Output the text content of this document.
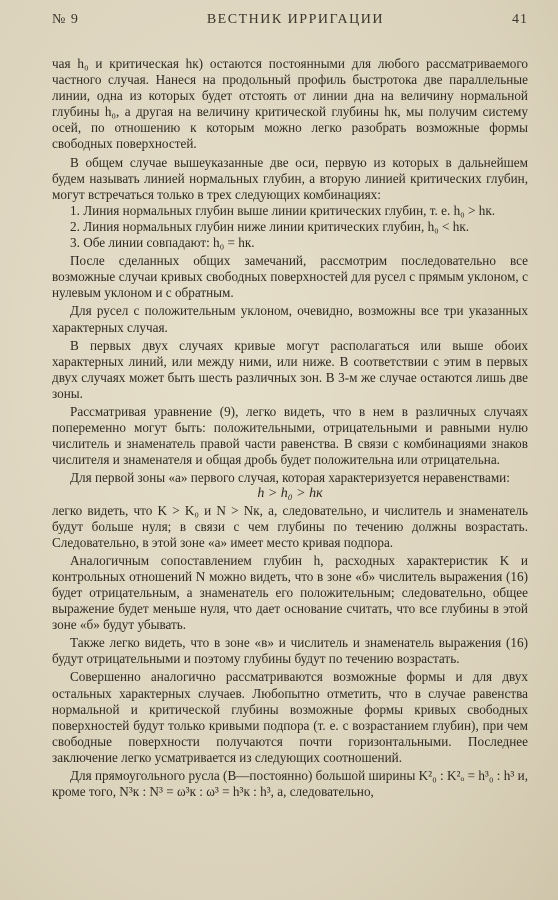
№ 9	ВЕСТНИК ИРРИГАЦИИ	41

чая h₀ и критическая hк) остаются постоянными для любого рассматриваемого частного случая. Нанеся на продольный профиль быстротока две параллельные линии, одна из которых будет отстоять от линии дна на величину нормальной глубины h₀, а другая на величину критической глубины hк, мы получим систему осей, по отношению к которым можно легко разобрать возможные формы свободных поверхностей.

В общем случае вышеуказанные две оси, первую из которых в дальнейшем будем называть линией нормальных глубин, а вторую линией критических глубин, могут встречаться только в трех следующих комбинациях:

1. Линия нормальных глубин выше линии критических глубин, т. е. h₀ > hк.

2. Линия нормальных глубин ниже линии критических глубин, h₀ < hк.

3. Обе линии совпадают: h₀ = hк.

После сделанных общих замечаний, рассмотрим последовательно все возможные случаи кривых свободных поверхностей для русел с прямым уклоном, с нулевым уклоном и с обратным.

Для русел с положительным уклоном, очевидно, возможны все три указанных характерных случая.

В первых двух случаях кривые могут располагаться или выше обоих характерных линий, или между ними, или ниже. В соответствии с этим в первых двух случаях может быть шесть различных зон. В 3-м же случае остаются лишь две зоны.

Рассматривая уравнение (9), легко видеть, что в нем в различных случаях попеременно могут быть: положительными, отрицательными и равными нулю числитель и знаменатель правой части равенства. В связи с комбинациями знаков числителя и знаменателя и общая дробь будет положительна или отрицательна.

Для первой зоны «а» первого случая, которая характеризуется неравенствами:

h > h₀ > hк

легко видеть, что K > K₀ и N > Nк, а, следовательно, и числитель и знаменатель будут больше нуля; в связи с чем глубины по течению должны возрастать. Следовательно, в этой зоне «а» имеет место кривая подпора.

Аналогичным сопоставлением глубин h, расходных характеристик K и контрольных отношений N можно видеть, что в зоне «б» числитель выражения (16) будет отрицательным, а знаменатель его положительным; следовательно, общее выражение будет меньше нуля, что дает основание считать, что все глубины в этой зоне «б» будут убывать.

Также легко видеть, что в зоне «в» и числитель и знаменатель выражения (16) будут отрицательными и поэтому глубины будут по течению возрастать.

Совершенно аналогично рассматриваются возможные формы и для двух остальных характерных случаев. Любопытно отметить, что в случае равенства нормальной и критической глубины возможные формы кривых свободных поверхностей будут только кривыми подпора (т. е. с возрастанием глубин), при чем свободные поверхности получаются почти горизонтальными. Последнее заключение легко усматривается из следующих соотношений.

Для прямоугольного русла (B—постоянно) большой ширины K²₀ : K²ₒ = h³₀ : h³ и, кроме того, N³к : N³ = ω³к : ω³ = h³к : h³, а, следовательно,
